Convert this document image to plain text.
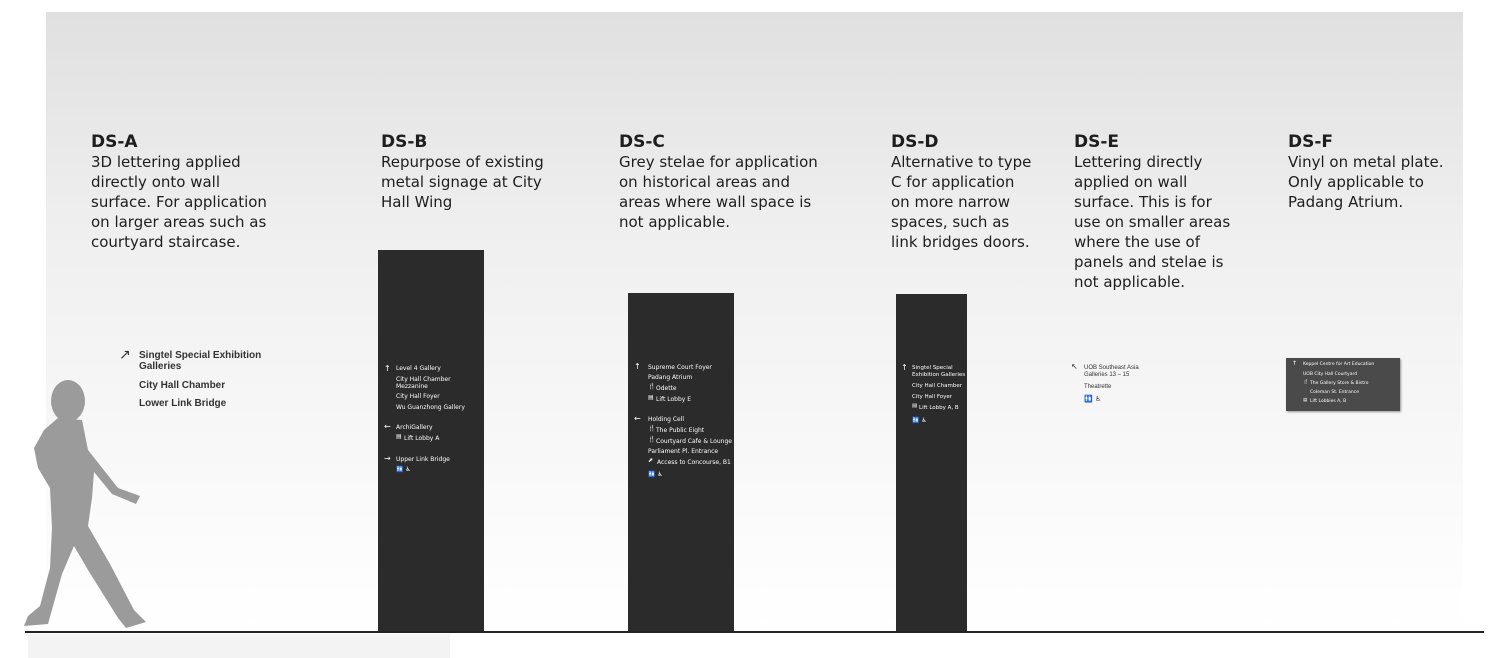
DS-A
3D lettering applied
directly onto wall
surface. For application
on larger areas such as
courtyard staircase.
DS-B
Repurpose of existing
metal signage at City
Hall Wing
DS-C
Grey stelae for application
on historical areas and
areas where wall space is
not applicable.
DS-D
Alternative to type
C for application
on more narrow
spaces, such as
link bridges doors.
DS-E
Lettering directly
applied on wall
surface. This is for
use on smaller areas
where the use of
panels and stelae is
not applicable.
DS-F
Vinyl on metal plate.
Only applicable to
Padang Atrium.
↗ Singtel Special Exhibition
Galleries
City Hall Chamber
Lower Link Bridge
↑ Level 4 Gallery
City Hall Chamber
Mezzanine
City Hall Foyer
Wu Guanzhong Gallery
← ArchiGallery
▤ Lift Lobby A
→ Upper Link Bridge
🚻 ♿
↑ Supreme Court Foyer
Padang Atrium
🍴 Odette
▤ Lift Lobby E
← Holding Cell
🍴 The Public Eight
🍴 Courtyard Cafe & Lounge
Parliament Pl. Entrance
⬈ Access to Concourse, B1
🚻 ♿
↑ Singtel Special
Exhibition Galleries
City Hall Chamber
City Hall Foyer
▤ Lift Lobby A, B
🚻 ♿
↖ UOB Southeast Asia
Galleries 13 – 15
Theatrette
🚻 ♿
↑ Keppel Centre for Art Education
UOB City Hall Courtyard
🍴 The Gallery Store & Bistro
Coleman St. Entrance
▤ Lift Lobbies A, B
